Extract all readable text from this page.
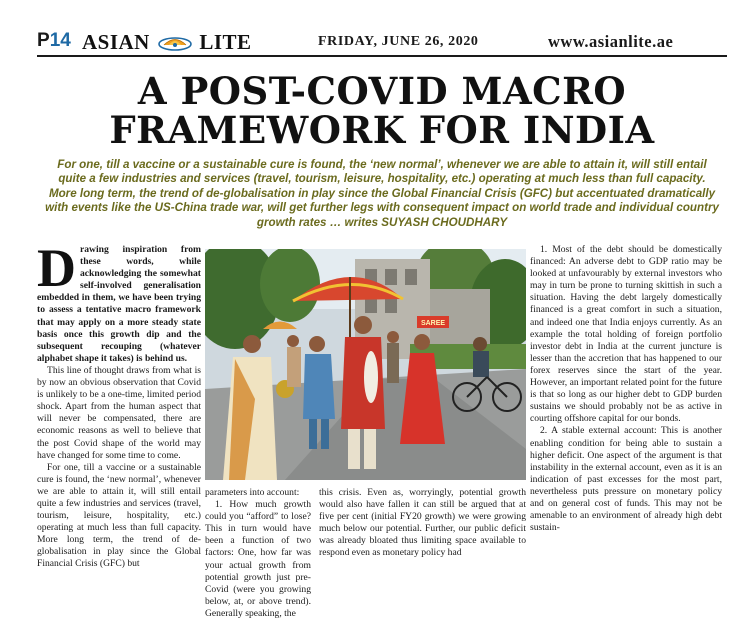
P14 ASIAN LITE	FRIDAY, JUNE 26, 2020	www.asianlite.ae
A POST-COVID MACRO
FRAMEWORK FOR INDIA
For one, till a vaccine or a sustainable cure is found, the ‘new normal’, whenever we are able to attain it, will still entail quite a few industries and services (travel, tourism, leisure, hospitality, etc.) operating at much less than full capacity. More long term, the trend of de-globalisation in play since the Global Financial Crisis (GFC) but accentuated dramatically with events like the US-China trade war, will get further legs with consequent impact on world trade and individual country growth rates … writes SUYASH CHOUDHARY

Drawing inspiration from these words, while acknowledging the somewhat self-involved generalisation embedded in them, we have been trying to assess a tentative macro framework that may apply on a more steady state basis once this growth dip and the subsequent recouping (whatever alphabet shape it takes) is behind us.

This line of thought draws from what is by now an obvious observation that Covid is unlikely to be a one-time, limited period shock. Apart from the human aspect that will never be compensated, there are economic reasons as well to believe that the post Covid shape of the world may have changed for some time to come.

For one, till a vaccine or a sustainable cure is found, the ‘new normal’, whenever we are able to attain it, will still entail quite a few industries and services (travel, tourism, leisure, hospitality, etc.) operating at much less than full capacity. More long term, the trend of de-globalisation in play since the Global Financial Crisis (GFC) but

SAREE

parameters into account:

1. How much growth could you “afford” to lose? This in turn would have been a function of two factors: One, how far was your actual growth from potential growth just pre-Covid (were you growing below, at, or above trend). Generally speaking, the

this crisis. Even as, worryingly, potential growth would also have fallen it can still be argued that at five per cent (initial FY20 growth) we were growing much below our potential. Further, our public deficit was already bloated thus limiting space available to respond even as monetary policy had

1. Most of the debt should be domestically financed: An adverse debt to GDP ratio may be looked at unfavourably by external investors who may in turn be prone to turning skittish in such a situation. Having the debt largely domestically financed is a great comfort in such a situation, and indeed one that India enjoys currently. As an example the total holding of foreign portfolio investor debt in India at the current juncture is lesser than the accretion that has happened to our forex reserves since the start of the year. However, an important related point for the future is that so long as our higher debt to GDP burden sustains we should probably not be as active in courting offshore capital for our bonds.

2. A stable external account: This is another enabling condition for being able to sustain a higher deficit. One aspect of the argument is that instability in the external account, even as it is an indication of past excesses for the most part, nevertheless puts pressure on monetary policy and on general cost of funds. This may not be amenable to an environment of already high debt sustain-
